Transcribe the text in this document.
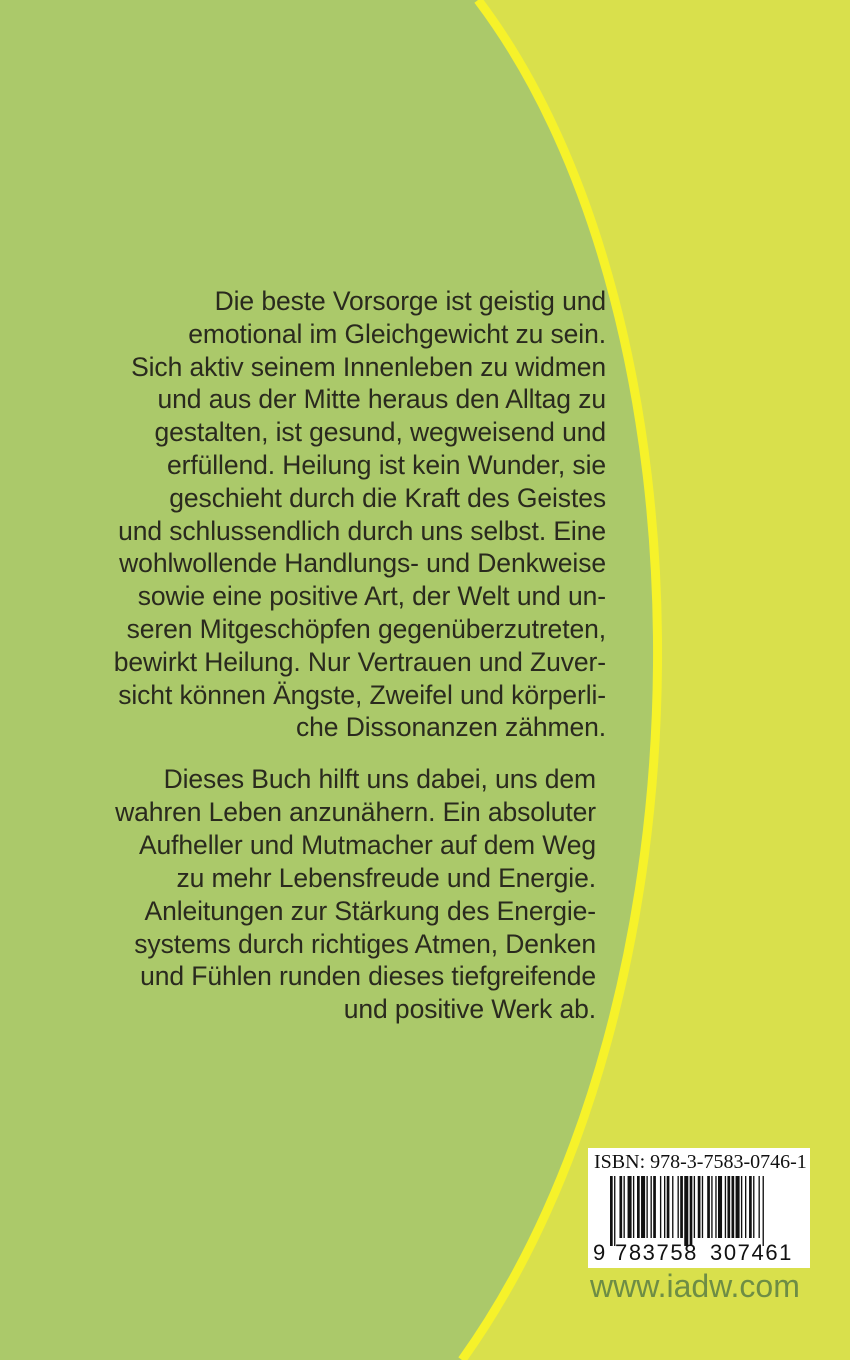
Die beste Vorsorge ist geistig und
emotional im Gleichgewicht zu sein.
Sich aktiv seinem Innenleben zu widmen
und aus der Mitte heraus den Alltag zu
gestalten, ist gesund, wegweisend und
erfüllend. Heilung ist kein Wunder, sie
geschieht durch die Kraft des Geistes
und schlussendlich durch uns selbst. Eine
wohlwollende Handlungs- und Denkweise
sowie eine positive Art, der Welt und un-
seren Mitgeschöpfen gegenüberzutreten,
bewirkt Heilung. Nur Vertrauen und Zuver-
sicht können Ängste, Zweifel und körperli-
che Dissonanzen zähmen.
Dieses Buch hilft uns dabei, uns dem
wahren Leben anzunähern. Ein absoluter
Aufheller und Mutmacher auf dem Weg
zu mehr Lebensfreude und Energie.
Anleitungen zur Stärkung des Energie-
systems durch richtiges Atmen, Denken
und Fühlen runden dieses tiefgreifende
und positive Werk ab.
ISBN: 978-3-7583-0746-1
9 783758 307461
www.iadw.com
